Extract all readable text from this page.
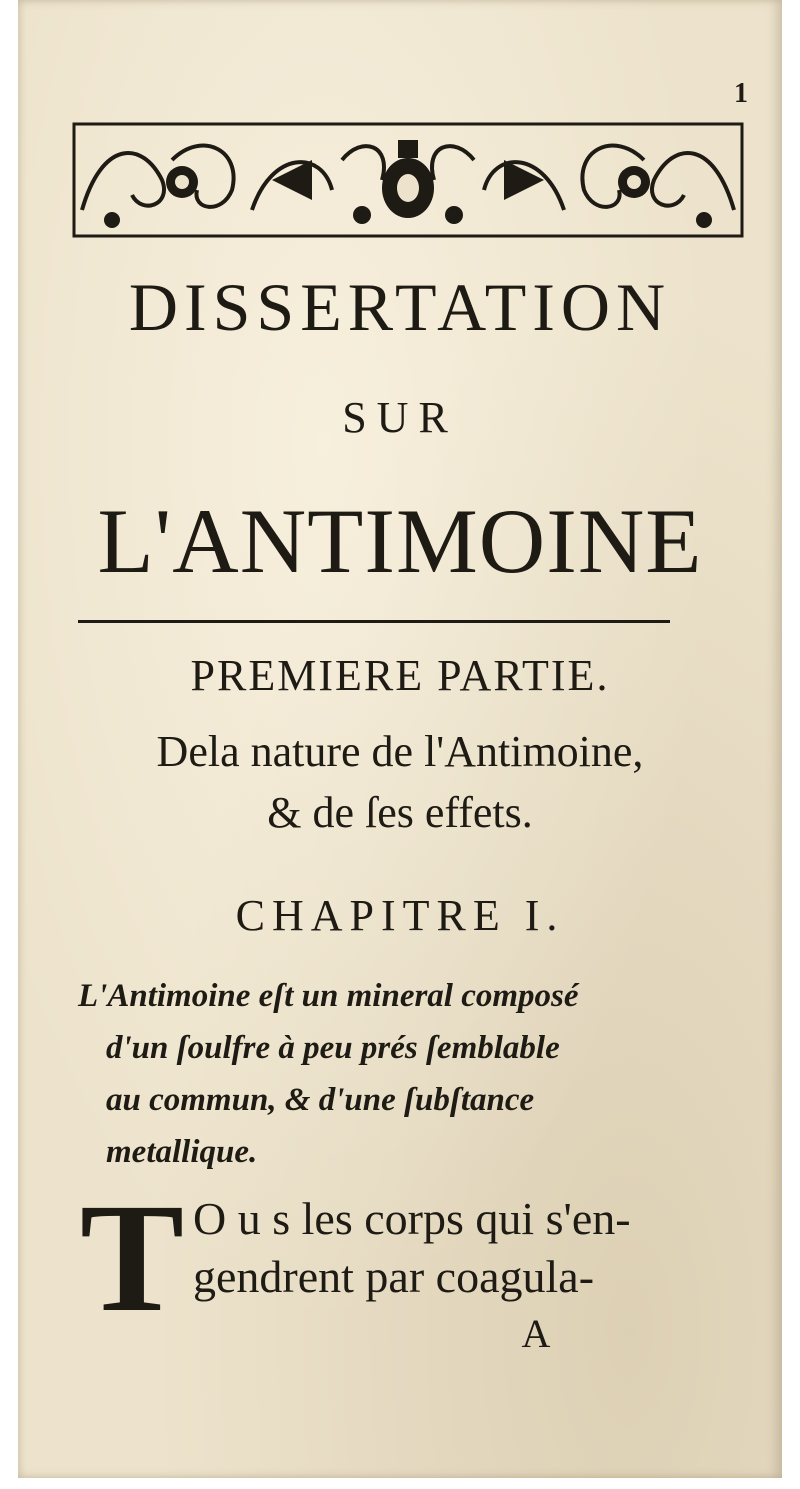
1
DISSERTATION
SUR
L'ANTIMOINE
PREMIERE PARTIE.
Dela nature de l'Antimoine,
& de ſes effets.
CHAPITRE I.
L'Antimoine eſt un mineral composé
d'un ſoulfre à peu prés ſemblable
au commun, & d'une ſubſtance
metallique.
T O u s les corps qui s'en-
gendrent par coagula-
A
